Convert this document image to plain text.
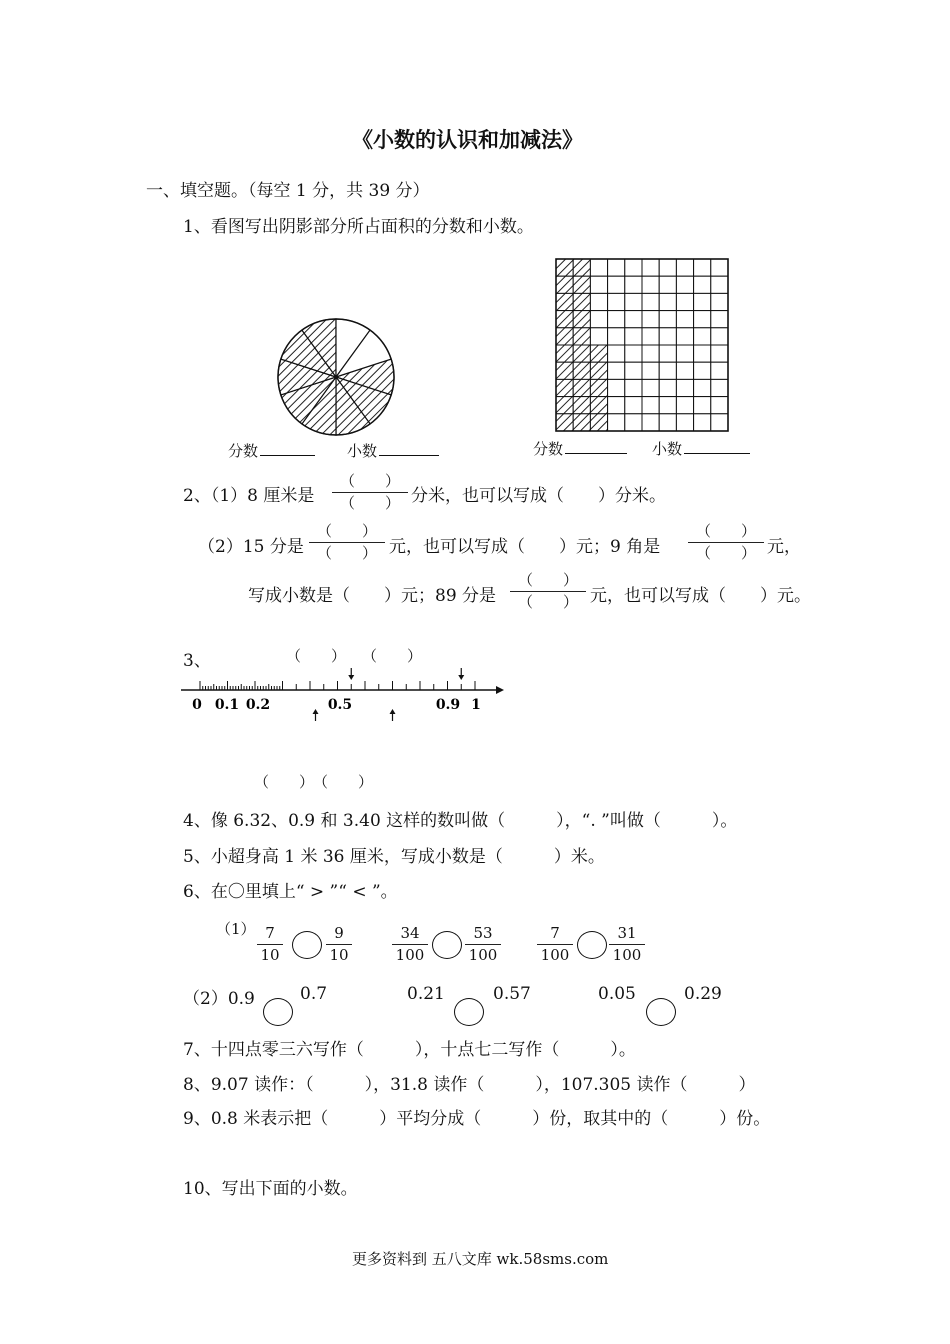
《小数的认识和加减法》
一、填空题。（每空 1 分，共 39 分）
1、看图写出阴影部分所占面积的分数和小数。
分数	小数	分数	小数
2、（1）8 厘米是
（　　）
（　　） 分米，也可以写成（　　）分米。
（2）15 分是
（　　）
（　　） 元，也可以写成（　　）元；9 角是
（　　）
（　　） 元，
写成小数是（　　）元；89 分是
（　　）
（　　） 元，也可以写成（　　）元。
3、	（　　） （　　）
0 0.1 0.2	0.5	0.9 1
（　　）
（　　）
4、像 6.32、0.9 和 3.40 这样的数叫做（　　　），“. ”叫做（　　　）。
5、小超身高 1 米 36 厘米，写成小数是（　　　）米。
6、在〇里填上“ > ”“ < ”。
（1） 7
10
9
10
34
100
53
100
7
100
31
100
（2）0.9	0.7	0.21	0.57	0.05	0.29
7、十四点零三六写作（　　　），十点七二写作（　　　）。
8、9.07 读作：（　　　），31.8 读作（　　　），107.305 读作（　　　）
9、0.8 米表示把（　　　）平均分成（　　　）份，取其中的（　　　）份。
10、写出下面的小数。
更多资料到 五八文库 wk.58sms.com
